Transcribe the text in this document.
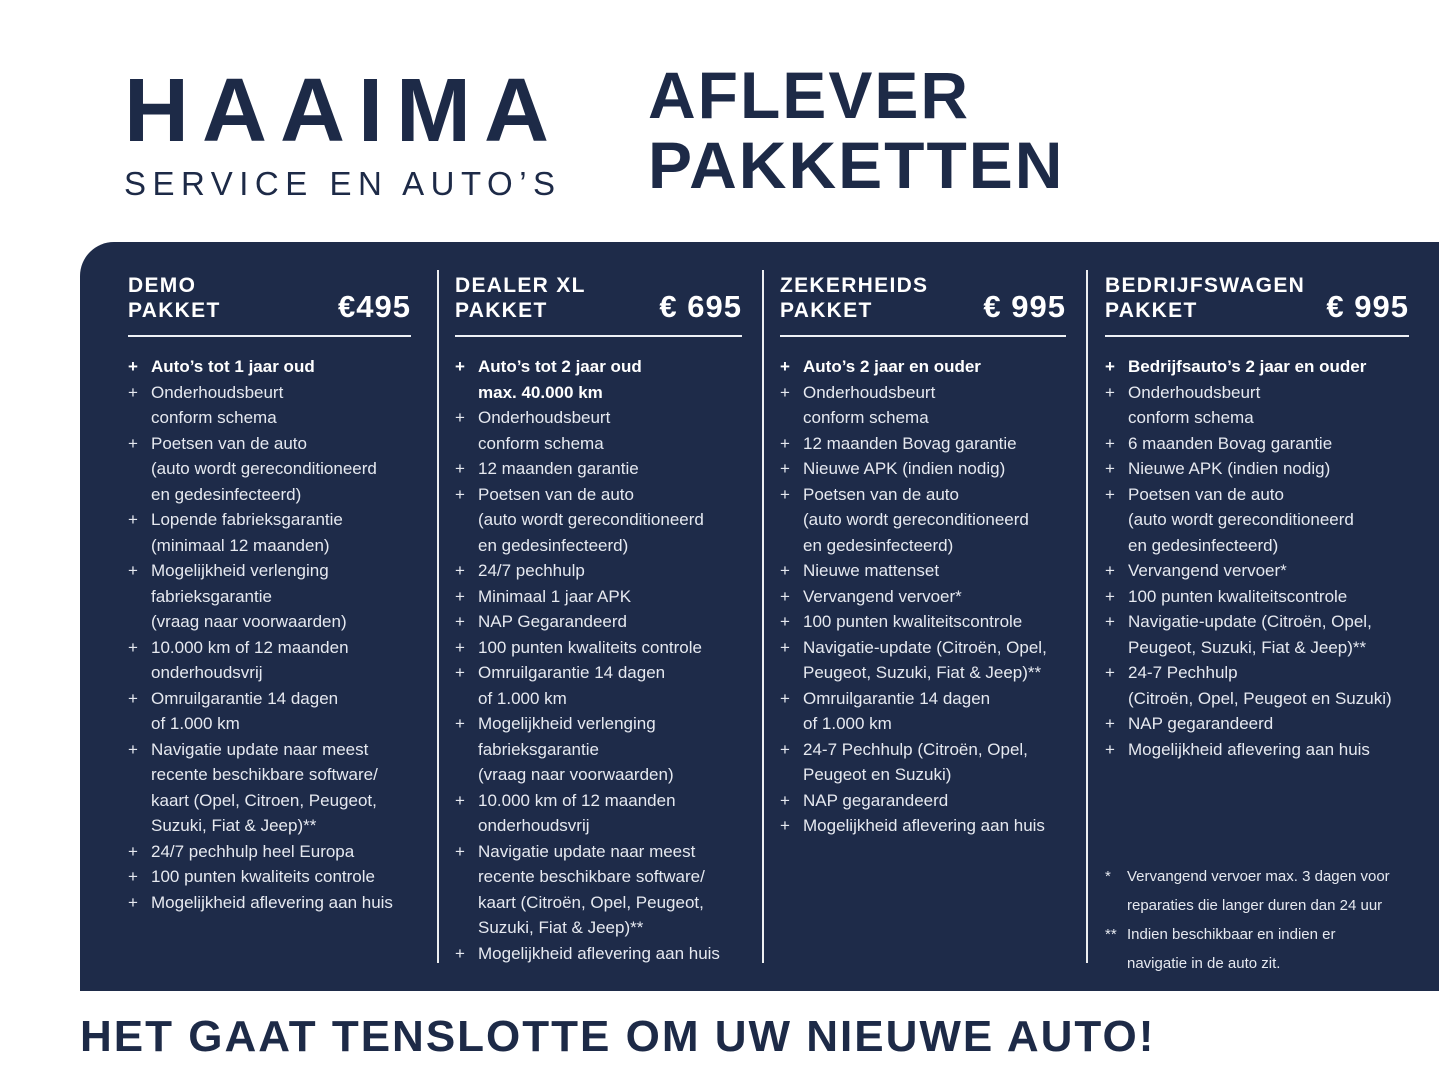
HAAIMA
SERVICE EN AUTO’S
AFLEVER
PAKKETTEN
DEMO
PAKKET	€495
+ Auto’s tot 1 jaar oud
+ Onderhoudsbeurt
conform schema
+ Poetsen van de auto
(auto wordt gereconditioneerd
en gedesinfecteerd)
+ Lopende fabrieksgarantie
(minimaal 12 maanden)
+ Mogelijkheid verlenging
fabrieksgarantie
(vraag naar voorwaarden)
+ 10.000 km of 12 maanden
onderhoudsvrij
+ Omruilgarantie 14 dagen
of 1.000 km
+ Navigatie update naar meest
recente beschikbare software/
kaart (Opel, Citroen, Peugeot,
Suzuki, Fiat & Jeep)**
+ 24/7 pechhulp heel Europa
+ 100 punten kwaliteits controle
+ Mogelijkheid aflevering aan huis
DEALER XL
PAKKET	€ 695
+ Auto’s tot 2 jaar oud
max. 40.000 km
+ Onderhoudsbeurt
conform schema
+ 12 maanden garantie
+ Poetsen van de auto
(auto wordt gereconditioneerd
en gedesinfecteerd)
+ 24/7 pechhulp
+ Minimaal 1 jaar APK
+ NAP Gegarandeerd
+ 100 punten kwaliteits controle
+ Omruilgarantie 14 dagen
of 1.000 km
+ Mogelijkheid verlenging
fabrieksgarantie
(vraag naar voorwaarden)
+ 10.000 km of 12 maanden
onderhoudsvrij
+ Navigatie update naar meest
recente beschikbare software/
kaart (Citroën, Opel, Peugeot,
Suzuki, Fiat & Jeep)**
+ Mogelijkheid aflevering aan huis
ZEKERHEIDS
PAKKET	€ 995
+ Auto’s 2 jaar en ouder
+ Onderhoudsbeurt
conform schema
+ 12 maanden Bovag garantie
+ Nieuwe APK (indien nodig)
+ Poetsen van de auto
(auto wordt gereconditioneerd
en gedesinfecteerd)
+ Nieuwe mattenset
+ Vervangend vervoer*
+ 100 punten kwaliteitscontrole
+ Navigatie-update (Citroën, Opel,
Peugeot, Suzuki, Fiat & Jeep)**
+ Omruilgarantie 14 dagen
of 1.000 km
+ 24-7 Pechhulp (Citroën, Opel,
Peugeot en Suzuki)
+ NAP gegarandeerd
+ Mogelijkheid aflevering aan huis
BEDRIJFSWAGEN
PAKKET	€ 995
+ Bedrijfsauto’s 2 jaar en ouder
+ Onderhoudsbeurt
conform schema
+ 6 maanden Bovag garantie
+ Nieuwe APK (indien nodig)
+ Poetsen van de auto
(auto wordt gereconditioneerd
en gedesinfecteerd)
+ Vervangend vervoer*
+ 100 punten kwaliteitscontrole
+ Navigatie-update (Citroën, Opel,
Peugeot, Suzuki, Fiat & Jeep)**
+ 24-7 Pechhulp
(Citroën, Opel, Peugeot en Suzuki)
+ NAP gegarandeerd
+ Mogelijkheid aflevering aan huis
*	Vervangend vervoer max. 3 dagen voor
reparaties die langer duren dan 24 uur
** Indien beschikbaar en indien er
navigatie in de auto zit.
HET GAAT TENSLOTTE OM UW NIEUWE AUTO!
